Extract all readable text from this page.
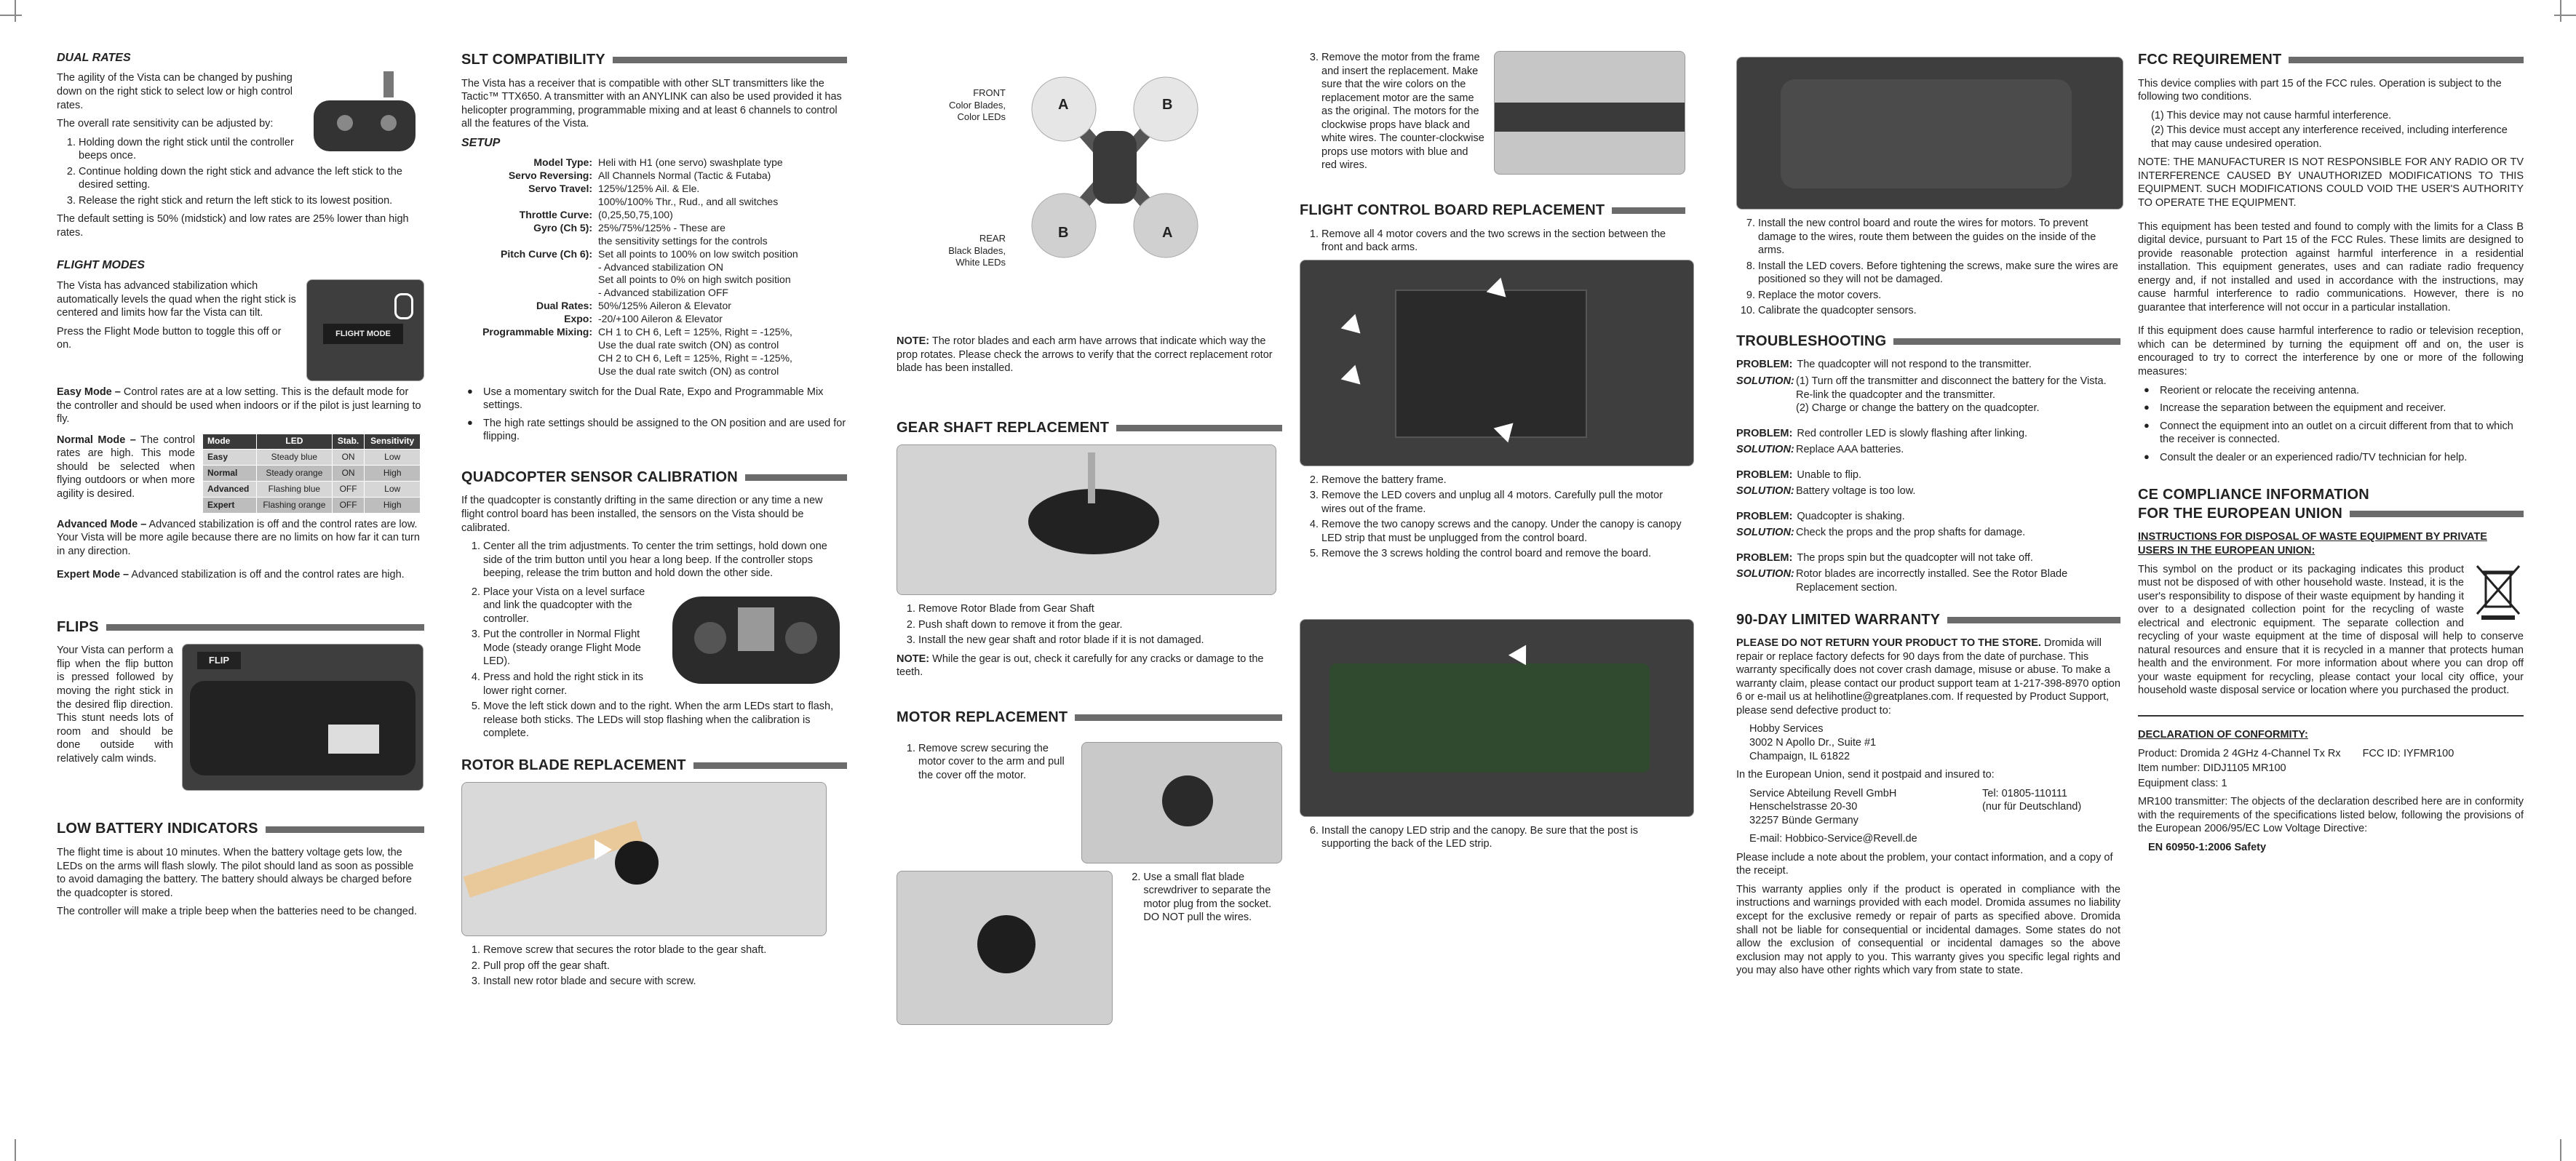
DUAL RATES

The agility of the Vista can be changed by pushing down on the right stick to select low or high control rates.

The overall rate sensitivity can be adjusted by:

1. Holding down the right stick until the controller beeps once.
2. Continue holding down the right stick and advance the left stick to the desired setting.
3. Release the right stick and return the left stick to its lowest position.

The default setting is 50% (midstick) and low rates are 25% lower than high rates.

FLIGHT MODES
FLIGHT MODE

The Vista has advanced stabilization which automatically levels the quad when the right stick is centered and limits how far the Vista can tilt.

Press the Flight Mode button to toggle this off or on.

Easy Mode – Control rates are at a low setting. This is the default mode for the controller and should be used when indoors or if the pilot is just learning to fly.

Normal Mode – The control rates are high. This mode should be selected when flying outdoors or when more agility is desired.

Mode	LED	Stab.	Sensitivity
Easy	Steady blue	ON	Low
Normal	Steady orange	ON	High
Advanced	Flashing blue	OFF	Low
Expert	Flashing orange	OFF	High

Advanced Mode – Advanced stabilization is off and the control rates are low. Your Vista will be more agile because there are no limits on how far it can turn in any direction.

Expert Mode – Advanced stabilization is off and the control rates are high.

FLIPS

Your Vista can perform a flip when the flip button is pressed followed by moving the right stick in the desired flip direction. This stunt needs lots of room and should be done outside with relatively calm winds.

FLIP
LOW BATTERY INDICATORS

The flight time is about 10 minutes. When the battery voltage gets low, the LEDs on the arms will flash slowly. The pilot should land as soon as possible to avoid damaging the battery. The battery should always be charged before the quadcopter is stored.

The controller will make a triple beep when the batteries need to be changed.

SLT COMPATIBILITY

The Vista has a receiver that is compatible with other SLT transmitters like the Tactic™ TTX650. A transmitter with an ANYLINK can also be used provided it has helicopter programming, programmable mixing and at least 6 channels to control all the features of the Vista.

SETUP
Model Type: Heli with H1 (one servo) swashplate type
Servo Reversing: All Channels Normal (Tactic & Futaba)
Servo Travel: 125%/125% Ail. & Ele.
100%/100% Thr., Rud., and all switches
Throttle Curve: (0,25,50,75,100)
Gyro (Ch 5): 25%/75%/125% - These are
the sensitivity settings for the controls
Pitch Curve (Ch 6): Set all points to 100% on low switch position
- Advanced stabilization ON
Set all points to 0% on high switch position
- Advanced stabilization OFF
Dual Rates: 50%/125% Aileron & Elevator
Expo: -20/+100 Aileron & Elevator
Programmable Mixing: CH 1 to CH 6, Left = 125%, Right = -125%,
Use the dual rate switch (ON) as control
CH 2 to CH 6, Left = 125%, Right = -125%,
Use the dual rate switch (ON) as control
● Use a momentary switch for the Dual Rate, Expo and Programmable Mix settings.
● The high rate settings should be assigned to the ON position and are used for flipping.
QUADCOPTER SENSOR CALIBRATION

If the quadcopter is constantly drifting in the same direction or any time a new flight control board has been installed, the sensors on the Vista should be calibrated.

1. Center all the trim adjustments. To center the trim settings, hold down one side of the trim button until you hear a long beep. If the controller stops beeping, release the trim button and hold down the other side.
2. Place your Vista on a level surface and link the quadcopter with the controller.
3. Put the controller in Normal Flight Mode (steady orange Flight Mode LED).
4. Press and hold the right stick in its lower right corner.
5. Move the left stick down and to the right. When the arm LEDs start to flash, release both sticks. The LEDs will stop flashing when the calibration is complete.
ROTOR BLADE REPLACEMENT
1. Remove screw that secures the rotor blade to the gear shaft.
2. Pull prop off the gear shaft.
3. Install new rotor blade and secure with screw.
FRONT
Color Blades,
Color LEDs
REAR
Black Blades,
White LEDs
A	B
B	A

NOTE: The rotor blades and each arm have arrows that indicate which way the prop rotates. Please check the arrows to verify that the correct replacement rotor blade has been installed.

GEAR SHAFT REPLACEMENT
1. Remove Rotor Blade from Gear Shaft
2. Push shaft down to remove it from the gear.
3. Install the new gear shaft and rotor blade if it is not damaged.

NOTE: While the gear is out, check it carefully for any cracks or damage to the teeth.

MOTOR REPLACEMENT
1. Remove screw securing the motor cover to the arm and pull the cover off the motor.
2. Use a small flat blade screwdriver to separate the motor plug from the socket. DO NOT pull the wires.
3. Remove the motor from the frame and insert the replacement. Make sure that the wire colors on the replacement motor are the same as the original. The motors for the clockwise props have black and white wires. The counter-clockwise props use motors with blue and red wires.
FLIGHT CONTROL BOARD REPLACEMENT
1. Remove all 4 motor covers and the two screws in the section between the front and back arms.
2. Remove the battery frame.
3. Remove the LED covers and unplug all 4 motors. Carefully pull the motor wires out of the frame.
4. Remove the two canopy screws and the canopy. Under the canopy is canopy LED strip that must be unplugged from the control board.
5. Remove the 3 screws holding the control board and remove the board.
6. Install the canopy LED strip and the canopy. Be sure that the post is supporting the back of the LED strip.
7. Install the new control board and route the wires for motors. To prevent damage to the wires, route them between the guides on the inside of the arms.
8. Install the LED covers. Before tightening the screws, make sure the wires are positioned so they will not be damaged.
9. Replace the motor covers.
10. Calibrate the quadcopter sensors.
TROUBLESHOOTING
PROBLEM: The quadcopter will not respond to the transmitter.
SOLUTION: (1) Turn off the transmitter and disconnect the battery for the Vista. Re-link the quadcopter and the transmitter.
(2) Charge or change the battery on the quadcopter.
PROBLEM: Red controller LED is slowly flashing after linking.
SOLUTION: Replace AAA batteries.
PROBLEM: Unable to flip.
SOLUTION: Battery voltage is too low.
PROBLEM: Quadcopter is shaking.
SOLUTION: Check the props and the prop shafts for damage.
PROBLEM: The props spin but the quadcopter will not take off.
SOLUTION: Rotor blades are incorrectly installed. See the Rotor Blade Replacement section.
90-DAY LIMITED WARRANTY

PLEASE DO NOT RETURN YOUR PRODUCT TO THE STORE. Dromida will repair or replace factory defects for 90 days from the date of purchase. This warranty specifically does not cover crash damage, misuse or abuse. To make a warranty claim, please contact our product support team at 1-217-398-8970 option 6 or e-mail us at helihotline@greatplanes.com. If requested by Product Support, please send defective product to:

Hobby Services
3002 N Apollo Dr., Suite #1
Champaign, IL 61822

In the European Union, send it postpaid and insured to:

Service Abteilung Revell GmbH
Henschelstrasse 20-30
32257 Bünde Germany

Tel: 01805-110111
(nur für Deutschland)

E-mail: Hobbico-Service@Revell.de

Please include a note about the problem, your contact information, and a copy of the receipt.

This warranty applies only if the product is operated in compliance with the instructions and warnings provided with each model. Dromida assumes no liability except for the exclusive remedy or repair of parts as specified above. Dromida shall not be liable for consequential or incidental damages. Some states do not allow the exclusion of consequential or incidental damages so the above exclusion may not apply to you. This warranty gives you specific legal rights and you may also have other rights which vary from state to state.

FCC REQUIREMENT

This device complies with part 15 of the FCC rules. Operation is subject to the following two conditions.

(1) This device may not cause harmful interference.

(2) This device must accept any interference received, including interference that may cause undesired operation.

NOTE: THE MANUFACTURER IS NOT RESPONSIBLE FOR ANY RADIO OR TV INTERFERENCE CAUSED BY UNAUTHORIZED MODIFICATIONS TO THIS EQUIPMENT. SUCH MODIFICATIONS COULD VOID THE USER'S AUTHORITY TO OPERATE THE EQUIPMENT.

This equipment has been tested and found to comply with the limits for a Class B digital device, pursuant to Part 15 of the FCC Rules. These limits are designed to provide reasonable protection against harmful interference in a residential installation. This equipment generates, uses and can radiate radio frequency energy and, if not installed and used in accordance with the instructions, may cause harmful interference to radio communications. However, there is no guarantee that interference will not occur in a particular installation.

If this equipment does cause harmful interference to radio or television reception, which can be determined by turning the equipment off and on, the user is encouraged to try to correct the interference by one or more of the following measures:

● Reorient or relocate the receiving antenna.
● Increase the separation between the equipment and receiver.
● Connect the equipment into an outlet on a circuit different from that to which the receiver is connected.
● Consult the dealer or an experienced radio/TV technician for help.
CE COMPLIANCE INFORMATION
FOR THE EUROPEAN UNION

INSTRUCTIONS FOR DISPOSAL OF WASTE EQUIPMENT BY PRIVATE USERS IN THE EUROPEAN UNION:

This symbol on the product or its packaging indicates this product must not be disposed of with other household waste. Instead, it is the user's responsibility to dispose of their waste equipment by handing it over to a designated collection point for the recycling of waste electrical and electronic equipment. The separate collection and recycling of your waste equipment at the time of disposal will help to conserve natural resources and ensure that it is recycled in a manner that protects human health and the environment. For more information about where you can drop off your waste equipment for recycling, please contact your local city office, your household waste disposal service or location where you purchased the product.

DECLARATION OF CONFORMITY:

Product: Dromida 2 4GHz 4-Channel Tx Rx FCC ID: IYFMR100

Item number: DIDJ1105 MR100

Equipment class: 1

MR100 transmitter: The objects of the declaration described here are in conformity with the requirements of the specifications listed below, following the provisions of the European 2006/95/EC Low Voltage Directive:

EN 60950-1:2006 Safety
